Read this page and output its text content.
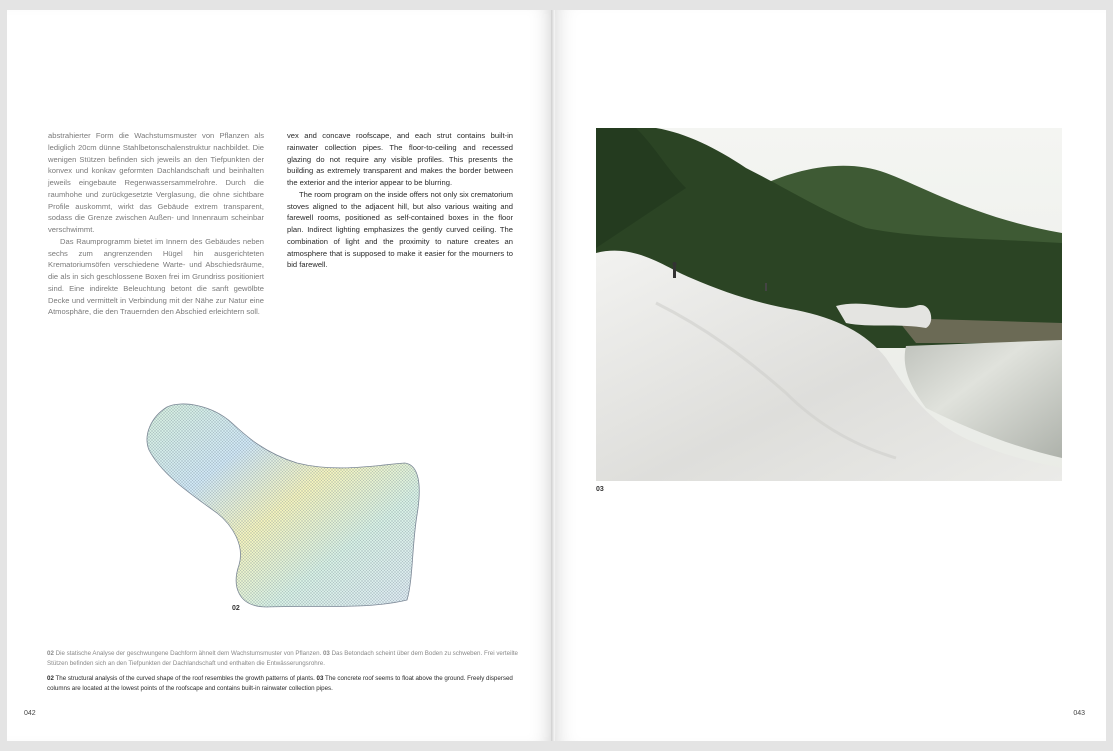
abstrahierter Form die Wachstumsmuster von Pflanzen als lediglich 20cm dünne Stahlbetonschalenstruktur nachbildet. Die wenigen Stützen befinden sich jeweils an den Tiefpunkten der konvex und konkav geformten Dachlandschaft und beinhalten jeweils eingebaute Regenwassersammelrohre. Durch die raumhohe und zurückgesetzte Verglasung, die ohne sichtbare Profile auskommt, wirkt das Gebäude extrem transparent, sodass die Grenze zwischen Außen- und Innenraum scheinbar verschwimmt.

Das Raumprogramm bietet im Innern des Gebäudes neben sechs zum angrenzenden Hügel hin ausgerichteten Krematoriumsöfen verschiedene Warte- und Abschiedsräume, die als in sich geschlossene Boxen frei im Grundriss positioniert sind. Eine indirekte Beleuchtung betont die sanft gewölbte Decke und vermittelt in Verbindung mit der Nähe zur Natur eine Atmosphäre, die den Trauernden den Abschied erleichtern soll.

vex and concave roofscape, and each strut contains built-in rainwater collection pipes. The floor-to-ceiling and recessed glazing do not require any visible profiles. This presents the building as extremely transparent and makes the border between the exterior and the interior appear to be blurring.

The room program on the inside offers not only six crematorium stoves aligned to the adjacent hill, but also various waiting and farewell rooms, positioned as self-contained boxes in the floor plan. Indirect lighting emphasizes the gently curved ceiling. The combination of light and the proximity to nature creates an atmosphere that is supposed to make it easier for the mourners to bid farewell.

02
02 Die statische Analyse der geschwungene Dachform ähnelt dem Wachstumsmuster von Pflanzen. 03 Das Betondach scheint über dem Boden zu schweben. Frei verteilte Stützen befinden sich an den Tiefpunkten der Dachlandschaft und enthalten die Entwässerungsrohre.
02 The structural analysis of the curved shape of the roof resembles the growth patterns of plants. 03 The concrete roof seems to float above the ground. Freely dispersed columns are located at the lowest points of the roofscape and contains built-in rainwater collection pipes.
042
03
043
